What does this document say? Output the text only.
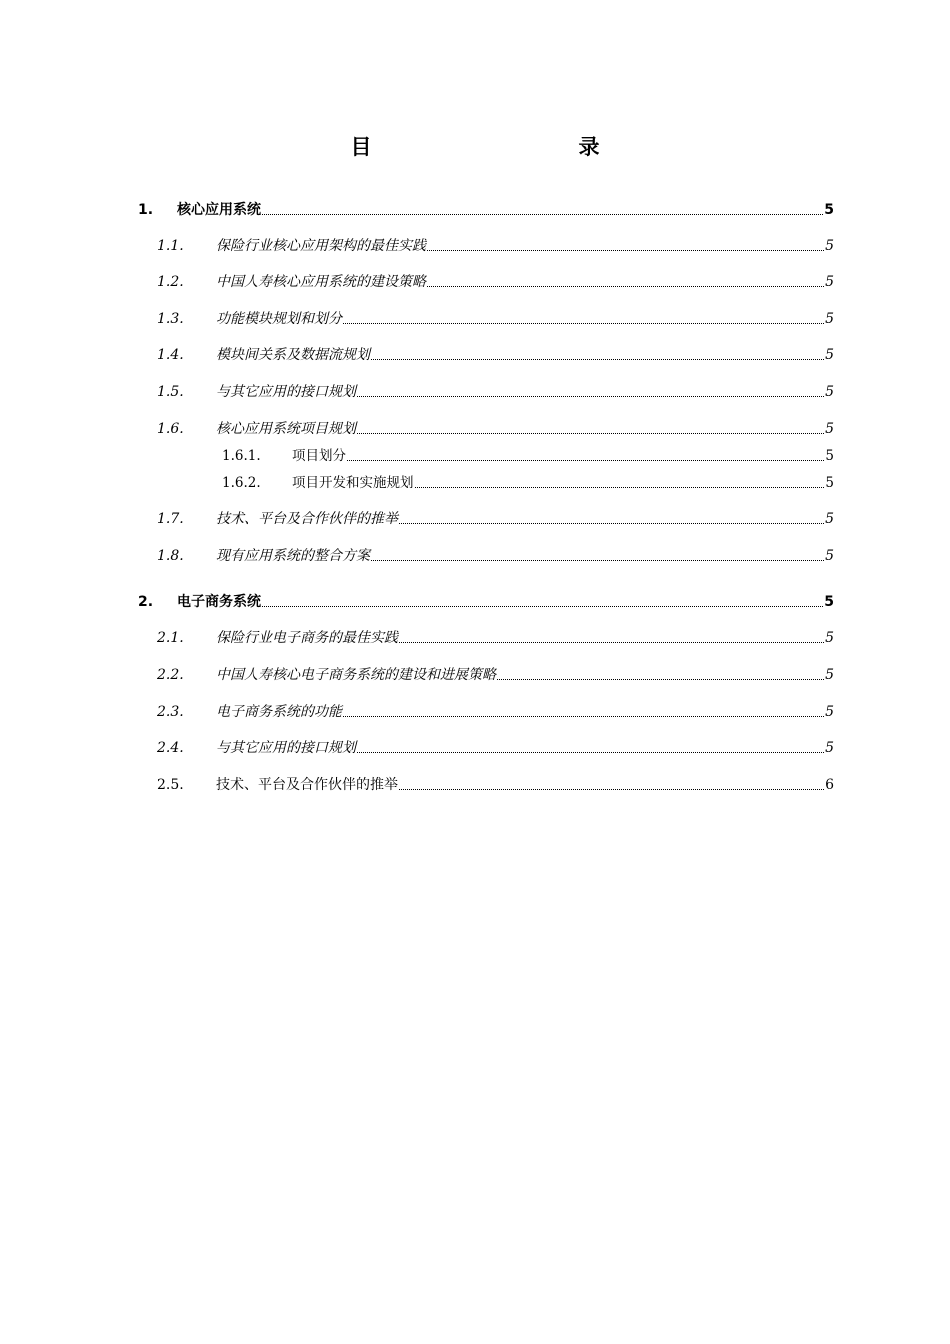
目　　录
1.	核心应用系统	5
1.1.	保险行业核心应用架构的最佳实践	5
1.2.	中国人寿核心应用系统的建设策略	5
1.3.	功能模块规划和划分	5
1.4.	模块间关系及数据流规划	5
1.5.	与其它应用的接口规划	5
1.6.	核心应用系统项目规划	5
1.6.1.	项目划分	5
1.6.2.	项目开发和实施规划	5
1.7.	技术、平台及合作伙伴的推举	5
1.8.	现有应用系统的整合方案	5
2.	电子商务系统	5
2.1.	保险行业电子商务的最佳实践	5
2.2.	中国人寿核心电子商务系统的建设和进展策略	5
2.3.	电子商务系统的功能	5
2.4.	与其它应用的接口规划	5
2.5.	技术、平台及合作伙伴的推举	6
